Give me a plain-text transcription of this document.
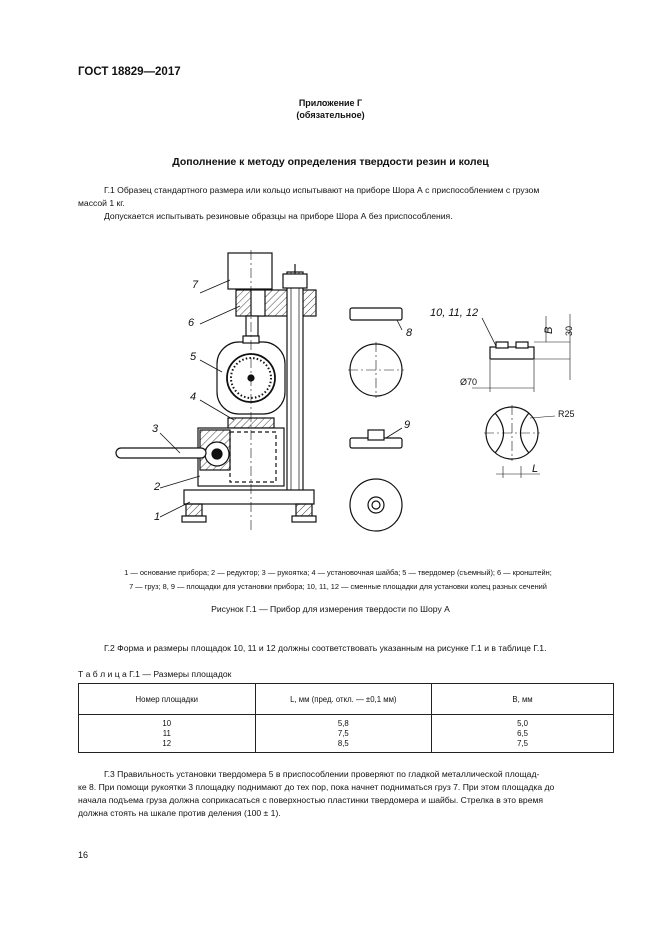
ГОСТ 18829—2017
Приложение Г
(обязательное)
Дополнение к методу определения твердости резин и колец
Г.1 Образец стандартного размера или кольцо испытывают на приборе Шора А с приспособлением с грузом
массой 1 кг.
Допускается испытывать резиновые образцы на приборе Шора А без приспособления.
7
6
5
4
3
2
1
8
9
10, 11, 12
В 30
Ø70
R25
L
1 — основание прибора; 2 — редуктор; 3 — рукоятка; 4 — установочная шайба; 5 — твердомер (съемный); 6 — кронштейн;
7 — груз; 8, 9 — площадки для установки прибора; 10, 11, 12 — сменные площадки для установки колец разных сечений
Рисунок Г.1 — Прибор для измерения твердости по Шору А
Г.2 Форма и размеры площадок 10, 11 и 12 должны соответствовать указанным на рисунке Г.1 и в таблице Г.1.
Т а б л и ц а Г.1 — Размеры площадок
Номер площадки	L, мм (пред. откл. — ±0,1 мм)	В, мм
10	5,8	5,0
11	7,5	6,5
12	8,5	7,5
Г.3 Правильность установки твердомера 5 в приспособлении проверяют по гладкой металлической площад-
ке 8. При помощи рукоятки 3 площадку поднимают до тех пор, пока начнет подниматься груз 7. При этом площадка до
начала подъема груза должна соприкасаться с поверхностью пластинки твердомера и шайбы. Стрелка в это время
должна стоять на шкале против деления (100 ± 1).
16
